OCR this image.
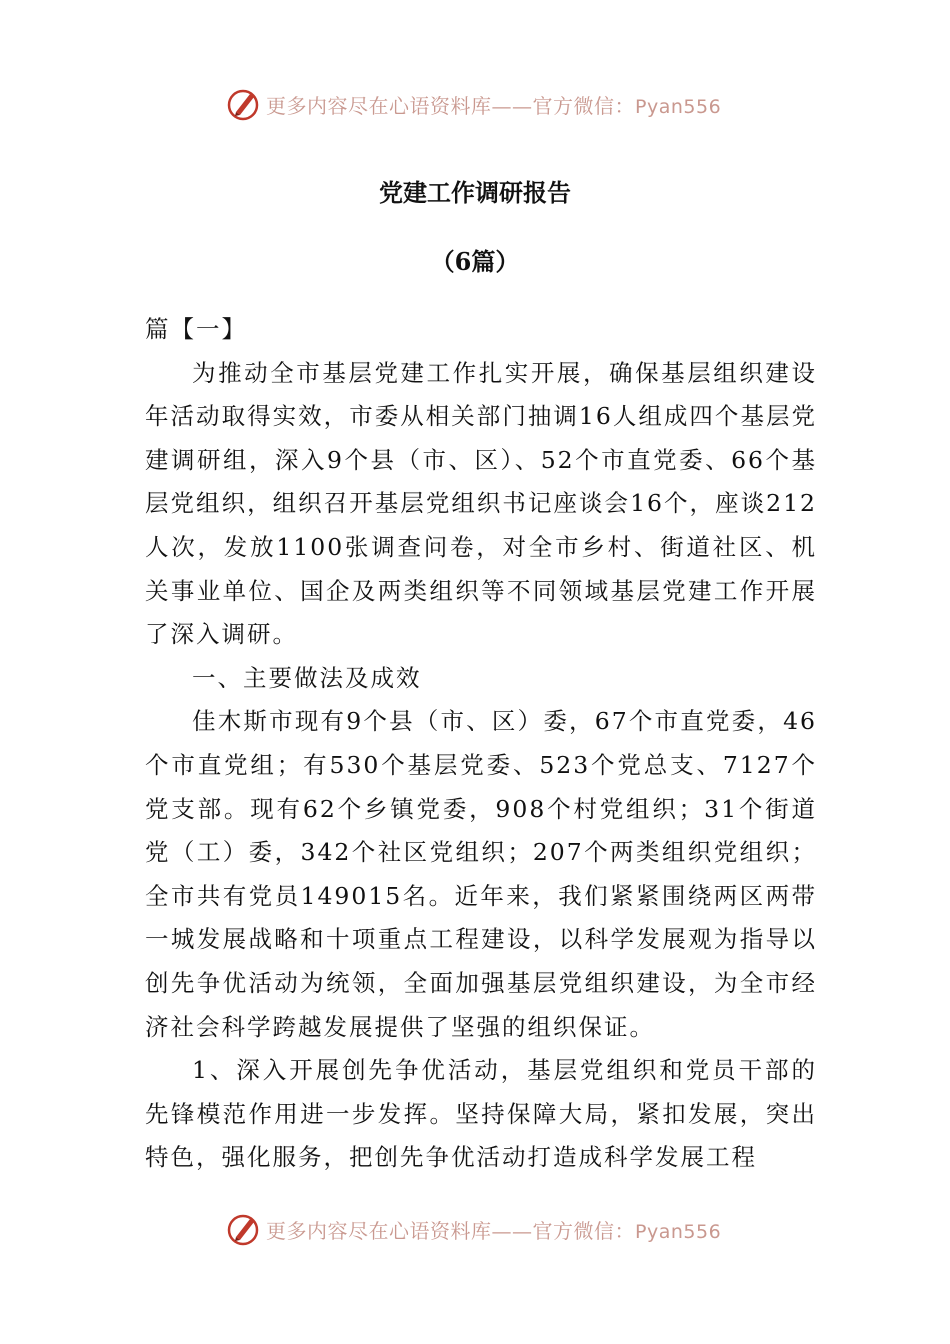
更多内容尽在心语资料库——官方微信：Pyan556
党建工作调研报告
（6篇）

篇【一】

为推动全市基层党建工作扎实开展，确保基层组织建设年活动取得实效，市委从相关部门抽调16人组成四个基层党建调研组，深入9个县（市、区）、52个市直党委、66个基层党组织，组织召开基层党组织书记座谈会16个，座谈212人次，发放1100张调查问卷，对全市乡村、街道社区、机关事业单位、国企及两类组织等不同领域基层党建工作开展了深入调研。

一、主要做法及成效

佳木斯市现有9个县（市、区）委，67个市直党委，46个市直党组；有530个基层党委、523个党总支、7127个党支部。现有62个乡镇党委，908个村党组织；31个街道党（工）委，342个社区党组织；207个两类组织党组织；全市共有党员149015名。近年来，我们紧紧围绕两区两带一城发展战略和十项重点工程建设，以科学发展观为指导以创先争优活动为统领，全面加强基层党组织建设，为全市经济社会科学跨越发展提供了坚强的组织保证。

1、深入开展创先争优活动，基层党组织和党员干部的先锋模范作用进一步发挥。坚持保障大局，紧扣发展，突出特色，强化服务，把创先争优活动打造成科学发展工程

更多内容尽在心语资料库——官方微信：Pyan556
